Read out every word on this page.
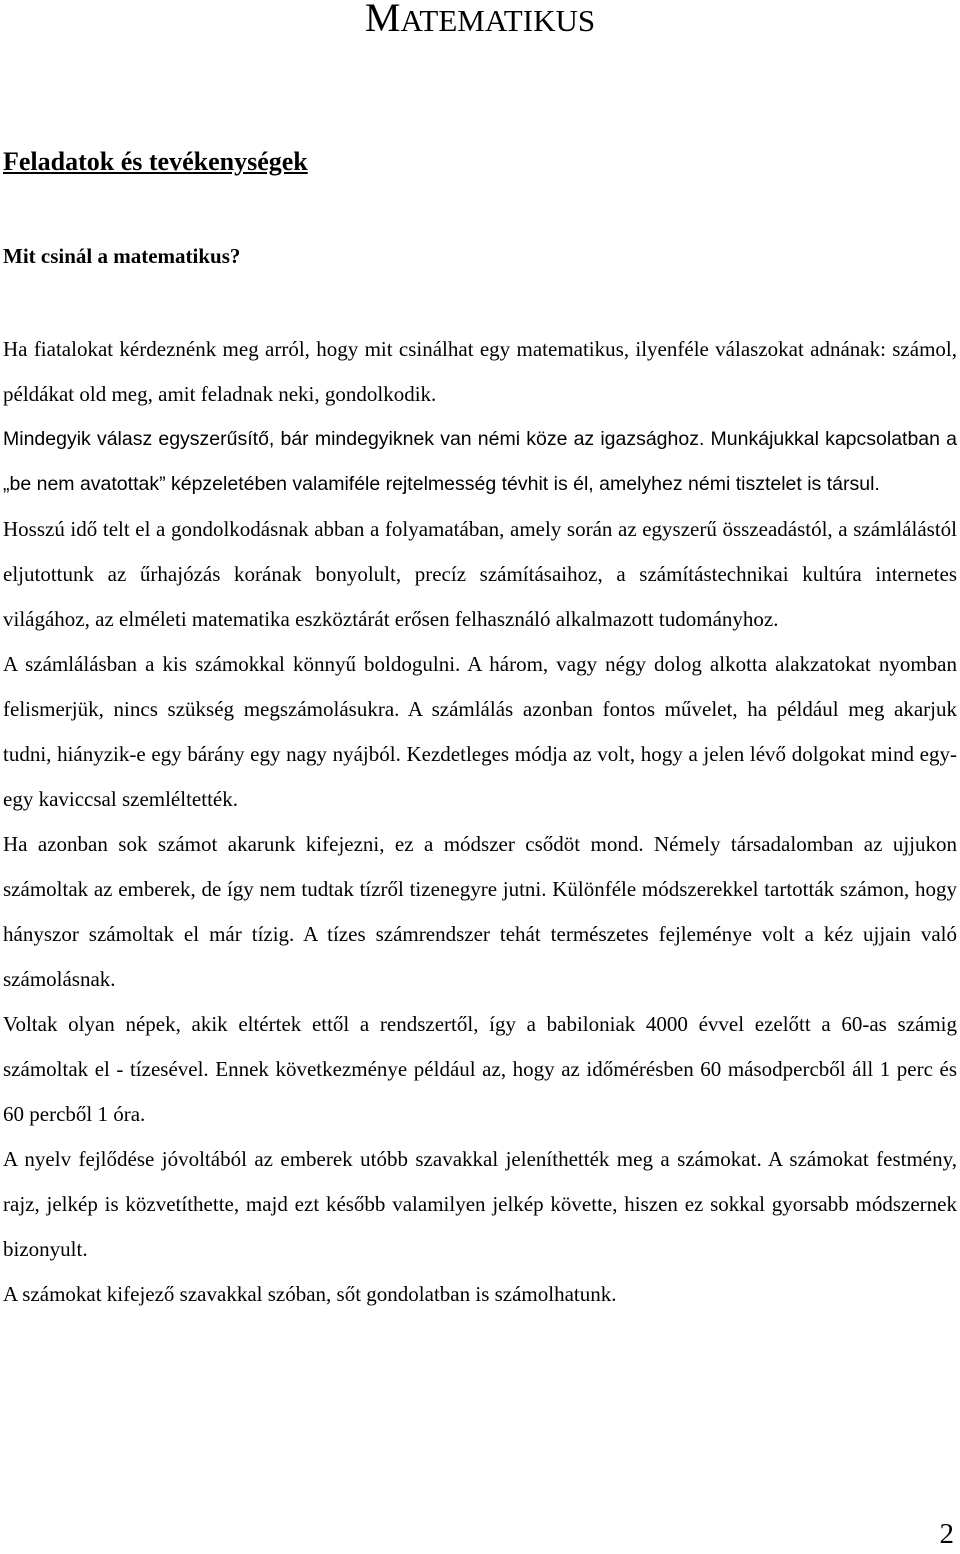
MATEMATIKUS
Feladatok és tevékenységek
Mit csinál a matematikus?

Ha fiatalokat kérdeznénk meg arról, hogy mit csinálhat egy matematikus, ilyenféle válaszokat adnának: számol, példákat old meg, amit feladnak neki, gondolkodik.

Mindegyik válasz egyszerűsítő, bár mindegyiknek van némi köze az igazsághoz. Munkájukkal kapcsolatban a „be nem avatottak” képzeletében valamiféle rejtelmesség tévhit is él, amelyhez némi tisztelet is társul.

Hosszú idő telt el a gondolkodásnak abban a folyamatában, amely során az egyszerű összeadástól, a számlálástól eljutottunk az űrhajózás korának bonyolult, precíz számításaihoz, a számítástechnikai kultúra internetes világához, az elméleti matematika eszköztárát erősen felhasználó alkalmazott tudományhoz.

A számlálásban a kis számokkal könnyű boldogulni. A három, vagy négy dolog alkotta alakzatokat nyomban felismerjük, nincs szükség megszámolásukra. A számlálás azonban fontos művelet, ha például meg akarjuk tudni, hiányzik-e egy bárány egy nagy nyájból. Kezdetleges módja az volt, hogy a jelen lévő dolgokat mind egy-egy kaviccsal szemléltették.

Ha azonban sok számot akarunk kifejezni, ez a módszer csődöt mond. Némely társadalomban az ujjukon számoltak az emberek, de így nem tudtak tízről tizenegyre jutni. Különféle módszerekkel tartották számon, hogy hányszor számoltak el már tízig. A tízes számrendszer tehát természetes fejleménye volt a kéz ujjain való számolásnak.

Voltak olyan népek, akik eltértek ettől a rendszertől, így a babiloniak 4000 évvel ezelőtt a 60-as számig számoltak el - tízesével. Ennek következménye például az, hogy az időmérésben 60 másodpercből áll 1 perc és 60 percből 1 óra.

A nyelv fejlődése jóvoltából az emberek utóbb szavakkal jeleníthették meg a számokat. A számokat festmény, rajz, jelkép is közvetíthette, majd ezt később valamilyen jelkép követte, hiszen ez sokkal gyorsabb módszernek bizonyult.

A számokat kifejező szavakkal szóban, sőt gondolatban is számolhatunk.

2
